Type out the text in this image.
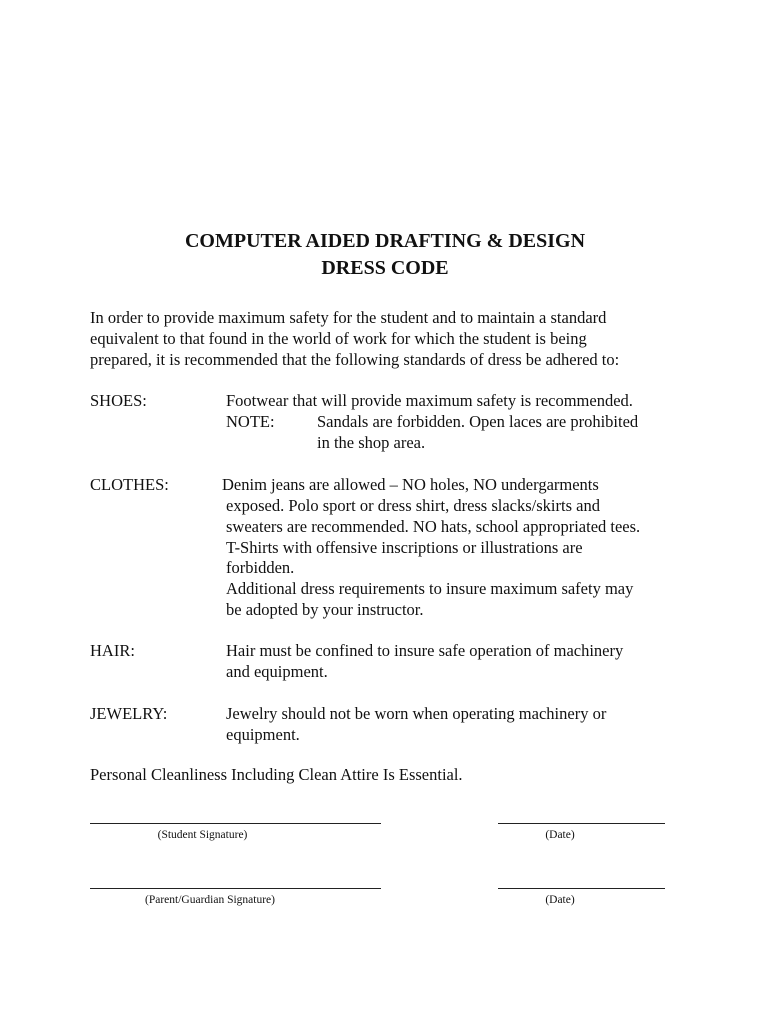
COMPUTER AIDED DRAFTING & DESIGN
DRESS CODE
In order to provide maximum safety for the student and to maintain a standard
equivalent to that found in the world of work for which the student is being
prepared, it is recommended that the following standards of dress be adhered to:
SHOES:	Footwear that will provide maximum safety is recommended.
NOTE:	Sandals are forbidden. Open laces are prohibited
in the shop area.
CLOTHES:	Denim jeans are allowed – NO holes, NO undergarments
exposed. Polo sport or dress shirt, dress slacks/skirts and
sweaters are recommended. NO hats, school appropriated tees.
T-Shirts with offensive inscriptions or illustrations are
forbidden.
Additional dress requirements to insure maximum safety may
be adopted by your instructor.
HAIR:	Hair must be confined to insure safe operation of machinery
and equipment.
JEWELRY:	Jewelry should not be worn when operating machinery or
equipment.
Personal Cleanliness Including Clean Attire Is Essential.
(Student Signature)	(Date)
(Parent/Guardian Signature)	(Date)
